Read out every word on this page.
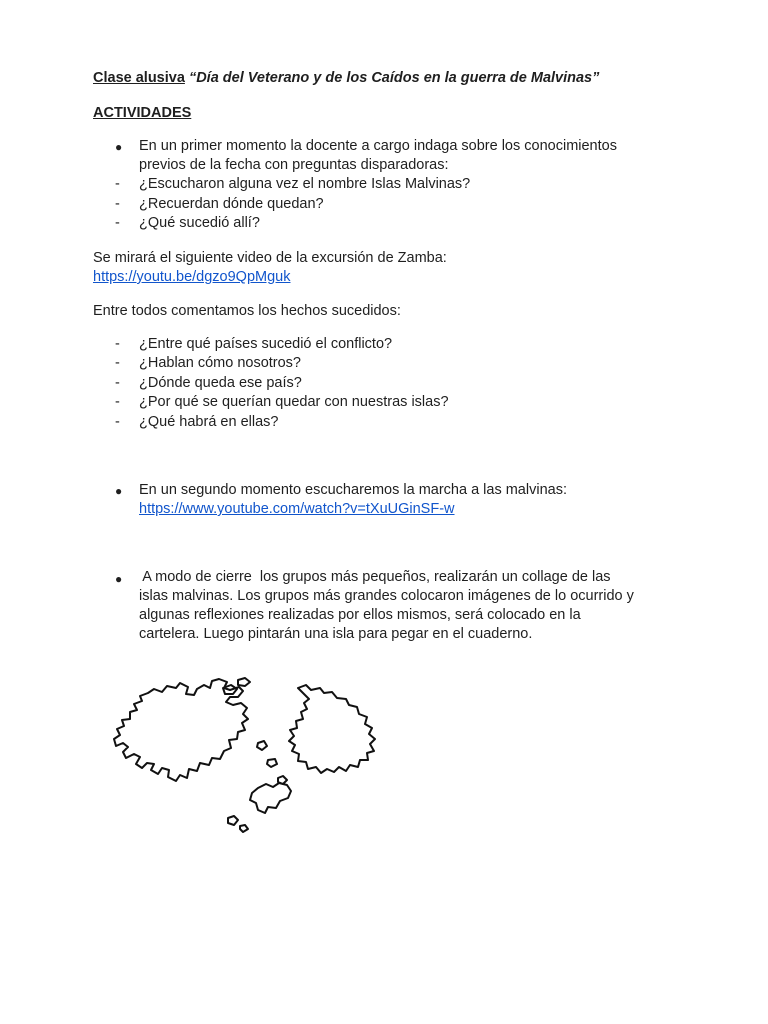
Clase alusiva “Día del Veterano y de los Caídos en la guerra de Malvinas”
ACTIVIDADES
● En un primer momento la docente a cargo indaga sobre los conocimientos
previos de la fecha con preguntas disparadoras:
- ¿Escucharon alguna vez el nombre Islas Malvinas?
- ¿Recuerdan dónde quedan?
- ¿Qué sucedió allí?
Se mirará el siguiente video de la excursión de Zamba:
https://youtu.be/dgzo9QpMguk
Entre todos comentamos los hechos sucedidos:
- ¿Entre qué países sucedió el conflicto?
- ¿Hablan cómo nosotros?
- ¿Dónde queda ese país?
- ¿Por qué se querían quedar con nuestras islas?
- ¿Qué habrá en ellas?
● En un segundo momento escucharemos la marcha a las malvinas:
https://www.youtube.com/watch?v=tXuUGinSF-w
● A modo de cierre  los grupos más pequeños, realizarán un collage de las
islas malvinas. Los grupos más grandes colocaron imágenes de lo ocurrido y
algunas reflexiones realizadas por ellos mismos, será colocado en la
cartelera. Luego pintarán una isla para pegar en el cuaderno.
